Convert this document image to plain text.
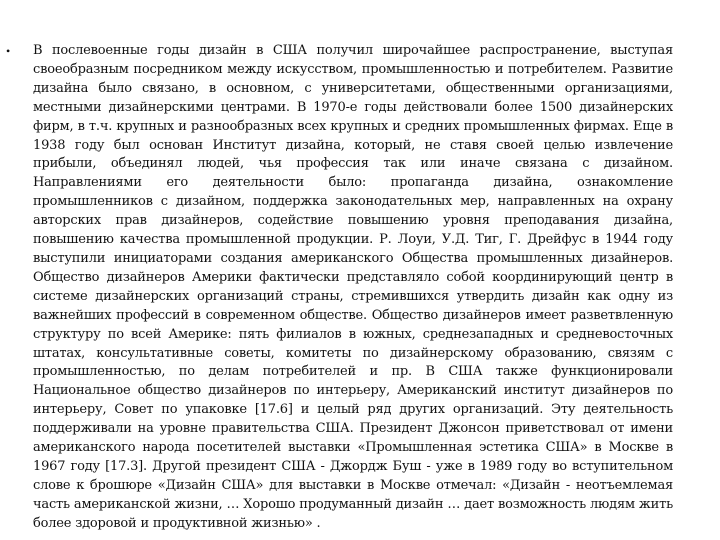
• В послевоенные годы дизайн в США получил широчайшее распространение, выступая своеобразным посредником между искусством, промышленностью и потребителем. Развитие дизайна было связано, в основном, с университетами, общественными организациями, местными дизайнерскими центрами. В 1970-е годы действовали более 1500 дизайнерских фирм, в т.ч. крупных и разнообразных всех крупных и средних промышленных фирмах. Еще в 1938 году был основан Институт дизайна, который, не ставя своей целью извлечение прибыли, объединял людей, чья профессия так или иначе связана с дизайном. Направлениями его деятельности было: пропаганда дизайна, ознакомление промышленников с дизайном, поддержка законодательных мер, направленных на охрану авторских прав дизайнеров, содействие повышению уровня преподавания дизайна, повышению качества промышленной продукции. Р. Лоуи, У.Д. Тиг, Г. Дрейфус в 1944 году выступили инициаторами создания американского Общества промышленных дизайнеров. Общество дизайнеров Америки фактически представляло собой координирующий центр в системе дизайнерских организаций страны, стремившихся утвердить дизайн как одну из важнейших профессий в современном обществе. Общество дизайнеров имеет разветвленную структуру по всей Америке: пять филиалов в южных, среднезападных и средневосточных штатах, консультативные советы, комитеты по дизайнерскому образованию, связям с промышленностью, по делам потребителей и пр. В США также функционировали Национальное общество дизайнеров по интерьеру, Американский институт дизайнеров по интерьеру, Совет по упаковке [17.6] и целый ряд других организаций. Эту деятельность поддерживали на уровне правительства США. Президент Джонсон приветствовал от имени американского народа посетителей выставки «Промышленная эстетика США» в Москве в 1967 году [17.3]. Другой президент США - Джордж Буш - уже в 1989 году во вступительном слове к брошюре «Дизайн США» для выставки в Москве отмечал: «Дизайн - неотъемлемая часть американской жизни, … Хорошо продуманный дизайн … дает возможность людям жить более здоровой и продуктивной жизнью» .
